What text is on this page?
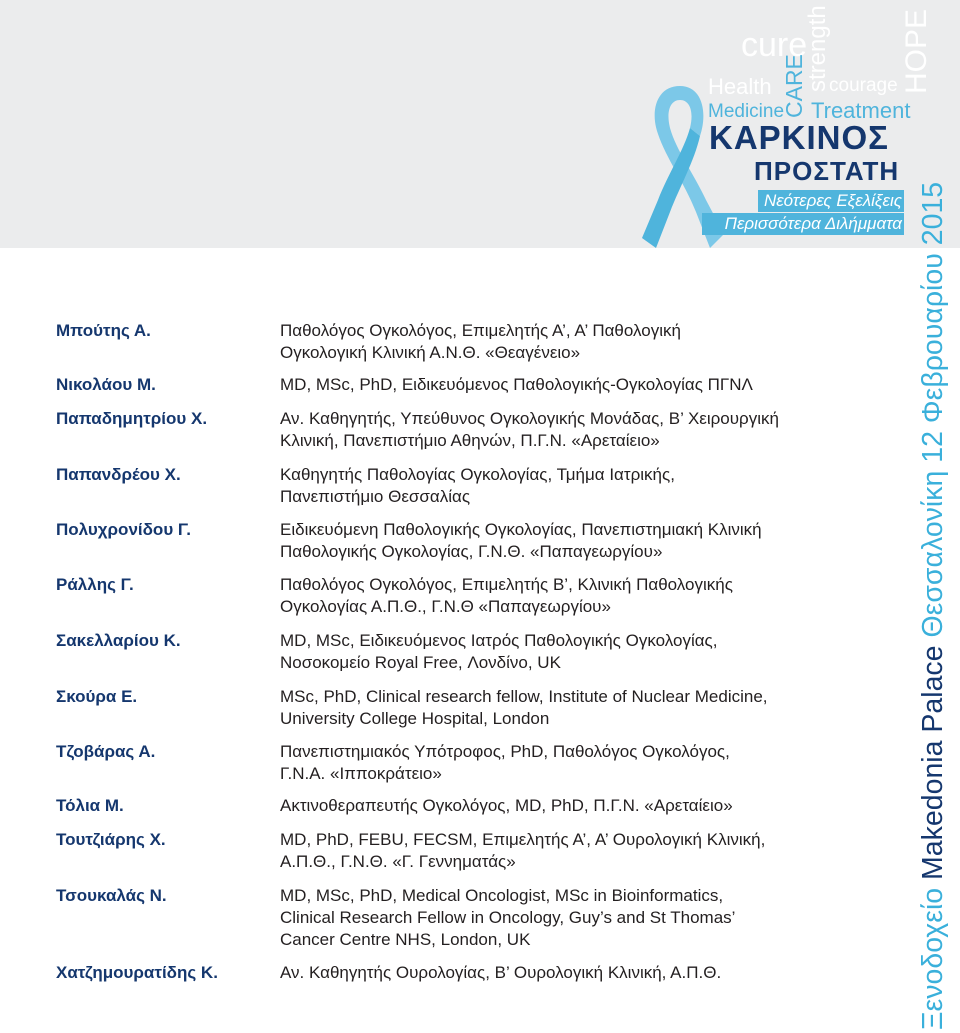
cure
Health
Medicine
CARE
strength
courage
Treatment
HOPE
ΚΑΡΚΙΝΟΣ
ΠΡΟΣΤΑΤΗ
Νεότερες Εξελίξεις
Περισσότερα Διλήμματα
Ξενοδοχείο Makedonia Palace Θεσσαλονίκη 12 Φεβρουαρίου 2015
Μπούτης Α.	Παθολόγος Ογκολόγος, Επιμελητής Α’, Α’ Παθολογική
Ογκολογική Κλινική Α.Ν.Θ. «Θεαγένειο»
Νικολάου Μ.	MD, MSc, PhD, Ειδικευόμενος Παθολογικής-Ογκολογίας ΠΓΝΛ
Παπαδημητρίου Χ.	Αν. Καθηγητής, Υπεύθυνος Ογκολογικής Μονάδας, Β’ Χειρουργική
Κλινική, Πανεπιστήμιο Αθηνών, Π.Γ.Ν. «Αρεταίειο»
Παπανδρέου Χ.	Καθηγητής Παθολογίας Ογκολογίας, Τμήμα Ιατρικής,
Πανεπιστήμιο Θεσσαλίας
Πολυχρονίδου Γ.	Ειδικευόμενη Παθολογικής Ογκολογίας, Πανεπιστημιακή Κλινική
Παθολογικής Ογκολογίας, Γ.Ν.Θ. «Παπαγεωργίου»
Ράλλης Γ.	Παθολόγος Ογκολόγος, Επιμελητής Β’, Κλινική Παθολογικής
Ογκολογίας Α.Π.Θ., Γ.Ν.Θ «Παπαγεωργίου»
Σακελλαρίου Κ.	MD, MSc, Ειδικευόμενος Ιατρός Παθολογικής Ογκολογίας,
Νοσοκομείο Royal Free, Λονδίνο, UK
Σκούρα Ε.	MSc, PhD, Clinical research fellow, Institute of Nuclear Medicine,
University College Hospital, London
Τζοβάρας Α.	Πανεπιστημιακός Υπότροφος, PhD, Παθολόγος Ογκολόγος,
Γ.Ν.Α. «Ιπποκράτειο»
Τόλια Μ.	Ακτινοθεραπευτής Ογκολόγος, MD, PhD, Π.Γ.Ν. «Αρεταίειο»
Τουτζιάρης Χ.	MD, PhD, FEBU, FECSM, Επιμελητής Α’, Α’ Ουρολογική Κλινική,
Α.Π.Θ., Γ.Ν.Θ. «Γ. Γεννηματάς»
Τσουκαλάς Ν.	MD, MSc, PhD, Medical Oncologist, MSc in Bioinformatics,
Clinical Research Fellow in Oncology, Guy’s and St Thomas’
Cancer Centre NHS, London, UK
Χατζημουρατίδης Κ.	Αν. Καθηγητής Ουρολογίας, Β’ Ουρολογική Κλινική, Α.Π.Θ.
